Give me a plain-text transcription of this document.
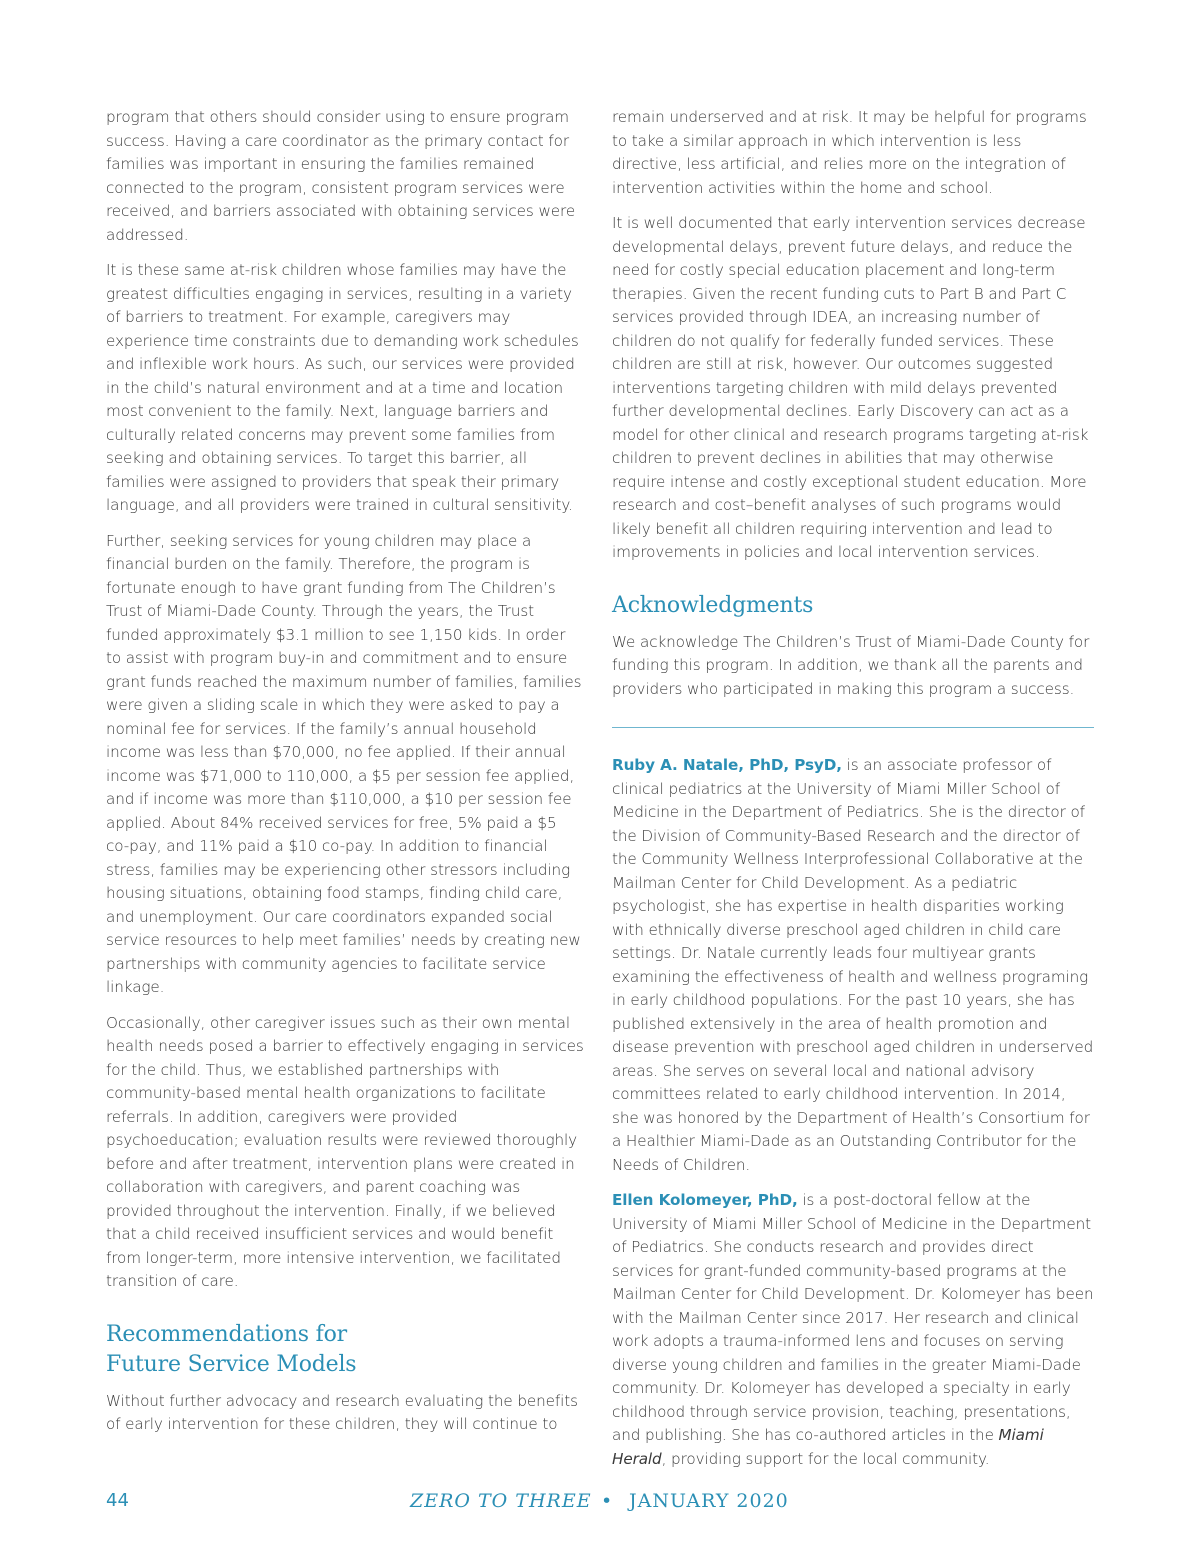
program that others should consider using to ensure program success. Having a care coordinator as the primary contact for families was important in ensuring the families remained connected to the program, consistent program services were received, and barriers associated with obtaining services were addressed.

It is these same at-risk children whose families may have the greatest difficulties engaging in services, resulting in a variety of barriers to treatment. For example, caregivers may experience time constraints due to demanding work schedules and inflexible work hours. As such, our services were provided in the child’s natural environment and at a time and location most convenient to the family. Next, language barriers and culturally related concerns may prevent some families from seeking and obtaining services. To target this barrier, all families were assigned to providers that speak their primary language, and all providers were trained in cultural sensitivity.

Further, seeking services for young children may place a financial burden on the family. Therefore, the program is fortunate enough to have grant funding from The Children’s Trust of Miami-Dade County. Through the years, the Trust funded approximately $3.1 million to see 1,150 kids. In order to assist with program buy-in and commitment and to ensure grant funds reached the maximum number of families, families were given a sliding scale in which they were asked to pay a nominal fee for services. If the family’s annual household income was less than $70,000, no fee applied. If their annual income was $71,000 to 110,000, a $5 per session fee applied, and if income was more than $110,000, a $10 per session fee applied. About 84% received services for free, 5% paid a $5 co-pay, and 11% paid a $10 co-pay. In addition to financial stress, families may be experiencing other stressors including housing situations, obtaining food stamps, finding child care, and unemployment. Our care coordinators expanded social service resources to help meet families’ needs by creating new partnerships with community agencies to facilitate service linkage.

Occasionally, other caregiver issues such as their own mental health needs posed a barrier to effectively engaging in services for the child. Thus, we established partnerships with community-based mental health organizations to facilitate referrals. In addition, caregivers were provided psychoeducation; evaluation results were reviewed thoroughly before and after treatment, intervention plans were created in collaboration with caregivers, and parent coaching was provided throughout the intervention. Finally, if we believed that a child received insufficient services and would benefit from longer-term, more intensive intervention, we facilitated transition of care.

Recommendations for
Future Service Models

Without further advocacy and research evaluating the benefits of early intervention for these children, they will continue to

remain underserved and at risk. It may be helpful for programs to take a similar approach in which intervention is less directive, less artificial, and relies more on the integration of intervention activities within the home and school.

It is well documented that early intervention services decrease developmental delays, prevent future delays, and reduce the need for costly special education placement and long-term therapies. Given the recent funding cuts to Part B and Part C services provided through IDEA, an increasing number of children do not qualify for federally funded services. These children are still at risk, however. Our outcomes suggested interventions targeting children with mild delays prevented further developmental declines. Early Discovery can act as a model for other clinical and research programs targeting at-risk children to prevent declines in abilities that may otherwise require intense and costly exceptional student education. More research and cost–benefit analyses of such programs would likely benefit all children requiring intervention and lead to improvements in policies and local intervention services.

Acknowledgments

We acknowledge The Children’s Trust of Miami-Dade County for funding this program. In addition, we thank all the parents and providers who participated in making this program a success.

Ruby A. Natale, PhD, PsyD, is an associate professor of clinical pediatrics at the University of Miami Miller School of Medicine in the Department of Pediatrics. She is the director of the Division of Community-Based Research and the director of the Community Wellness Interprofessional Collaborative at the Mailman Center for Child Development. As a pediatric psychologist, she has expertise in health disparities working with ethnically diverse preschool aged children in child care settings. Dr. Natale currently leads four multiyear grants examining the effectiveness of health and wellness programing in early childhood populations. For the past 10 years, she has published extensively in the area of health promotion and disease prevention with preschool aged children in underserved areas. She serves on several local and national advisory committees related to early childhood intervention. In 2014, she was honored by the Department of Health’s Consortium for a Healthier Miami-Dade as an Outstanding Contributor for the Needs of Children.

Ellen Kolomeyer, PhD, is a post-doctoral fellow at the University of Miami Miller School of Medicine in the Department of Pediatrics. She conducts research and provides direct services for grant-funded community-based programs at the Mailman Center for Child Development. Dr. Kolomeyer has been with the Mailman Center since 2017. Her research and clinical work adopts a trauma-informed lens and focuses on serving diverse young children and families in the greater Miami-Dade community. Dr. Kolomeyer has developed a specialty in early childhood through service provision, teaching, presentations, and publishing. She has co-authored articles in the Miami Herald, providing support for the local community.

44	ZERO TO THREE • JANUARY 2020
